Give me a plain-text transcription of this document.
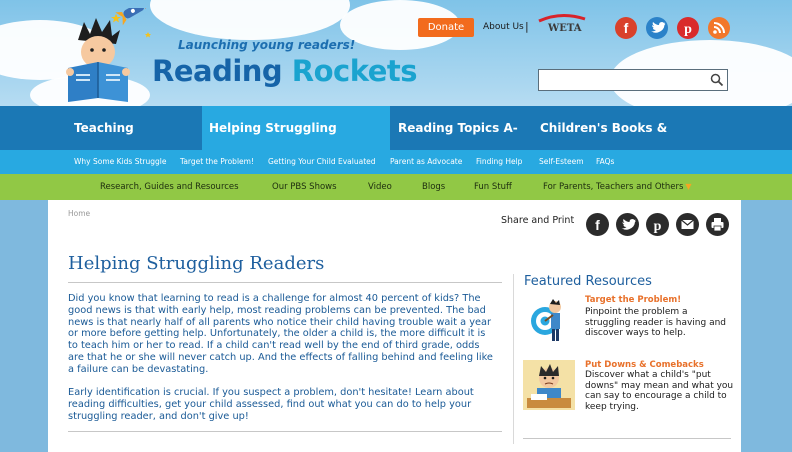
Launching young readers!
Reading Rockets
Donate	About Us | WETA	f	p
Teaching	Helping Struggling	Reading Topics A-	Children's Books &
Why Some Kids Struggle Target the Problem! Getting Your Child Evaluated Parent as Advocate Finding Help Self-Esteem FAQs
Research, Guides and Resources	Our PBS Shows	Video	Blogs	Fun Stuff	For Parents, Teachers and Others ▼
Home
Share and Print f	p
Helping Struggling Readers
Did you know that learning to read is a challenge for almost 40 percent of kids? The good news is that with early help, most reading problems can be prevented. The bad news is that nearly half of all parents who notice their child having trouble wait a year or more before getting help. Unfortunately, the older a child is, the more difficult it is to teach him or her to read. If a child can't read well by the end of third grade, odds are that he or she will never catch up. And the effects of falling behind and feeling like a failure can be devastating.
Early identification is crucial. If you suspect a problem, don't hesitate! Learn about reading difficulties, get your child assessed, find out what you can do to help your struggling reader, and don't give up!
Featured Resources
Target the Problem!
Pinpoint the problem a struggling reader is having and discover ways to help.
Put Downs & Comebacks
Discover what a child's "put downs" may mean and what you can say to encourage a child to keep trying.
